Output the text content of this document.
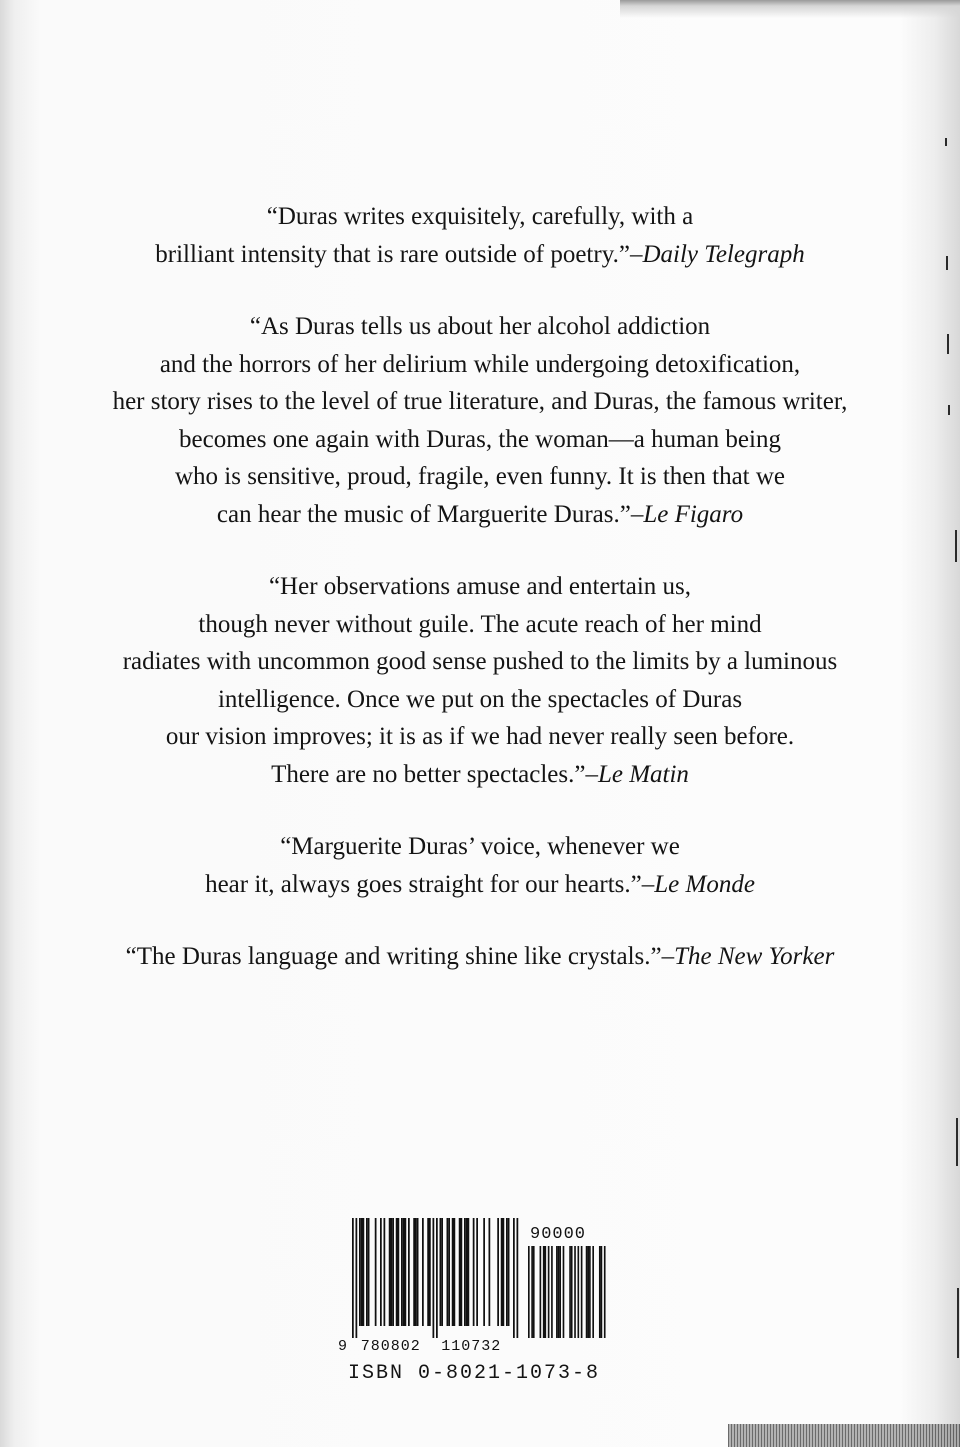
“Duras writes exquisitely, carefully, with a
brilliant intensity that is rare outside of poetry.”–Daily Telegraph
“As Duras tells us about her alcohol addiction
and the horrors of her delirium while undergoing detoxification,
her story rises to the level of true literature, and Duras, the famous writer,
becomes one again with Duras, the woman—a human being
who is sensitive, proud, fragile, even funny. It is then that we
can hear the music of Marguerite Duras.”–Le Figaro
“Her observations amuse and entertain us,
though never without guile. The acute reach of her mind
radiates with uncommon good sense pushed to the limits by a luminous
intelligence. Once we put on the spectacles of Duras
our vision improves; it is as if we had never really seen before.
There are no better spectacles.”–Le Matin
“Marguerite Duras’ voice, whenever we
hear it, always goes straight for our hearts.”–Le Monde
“The Duras language and writing shine like crystals.”–The New Yorker
9 780802 110732
90000
ISBN 0-8021-1073-8
